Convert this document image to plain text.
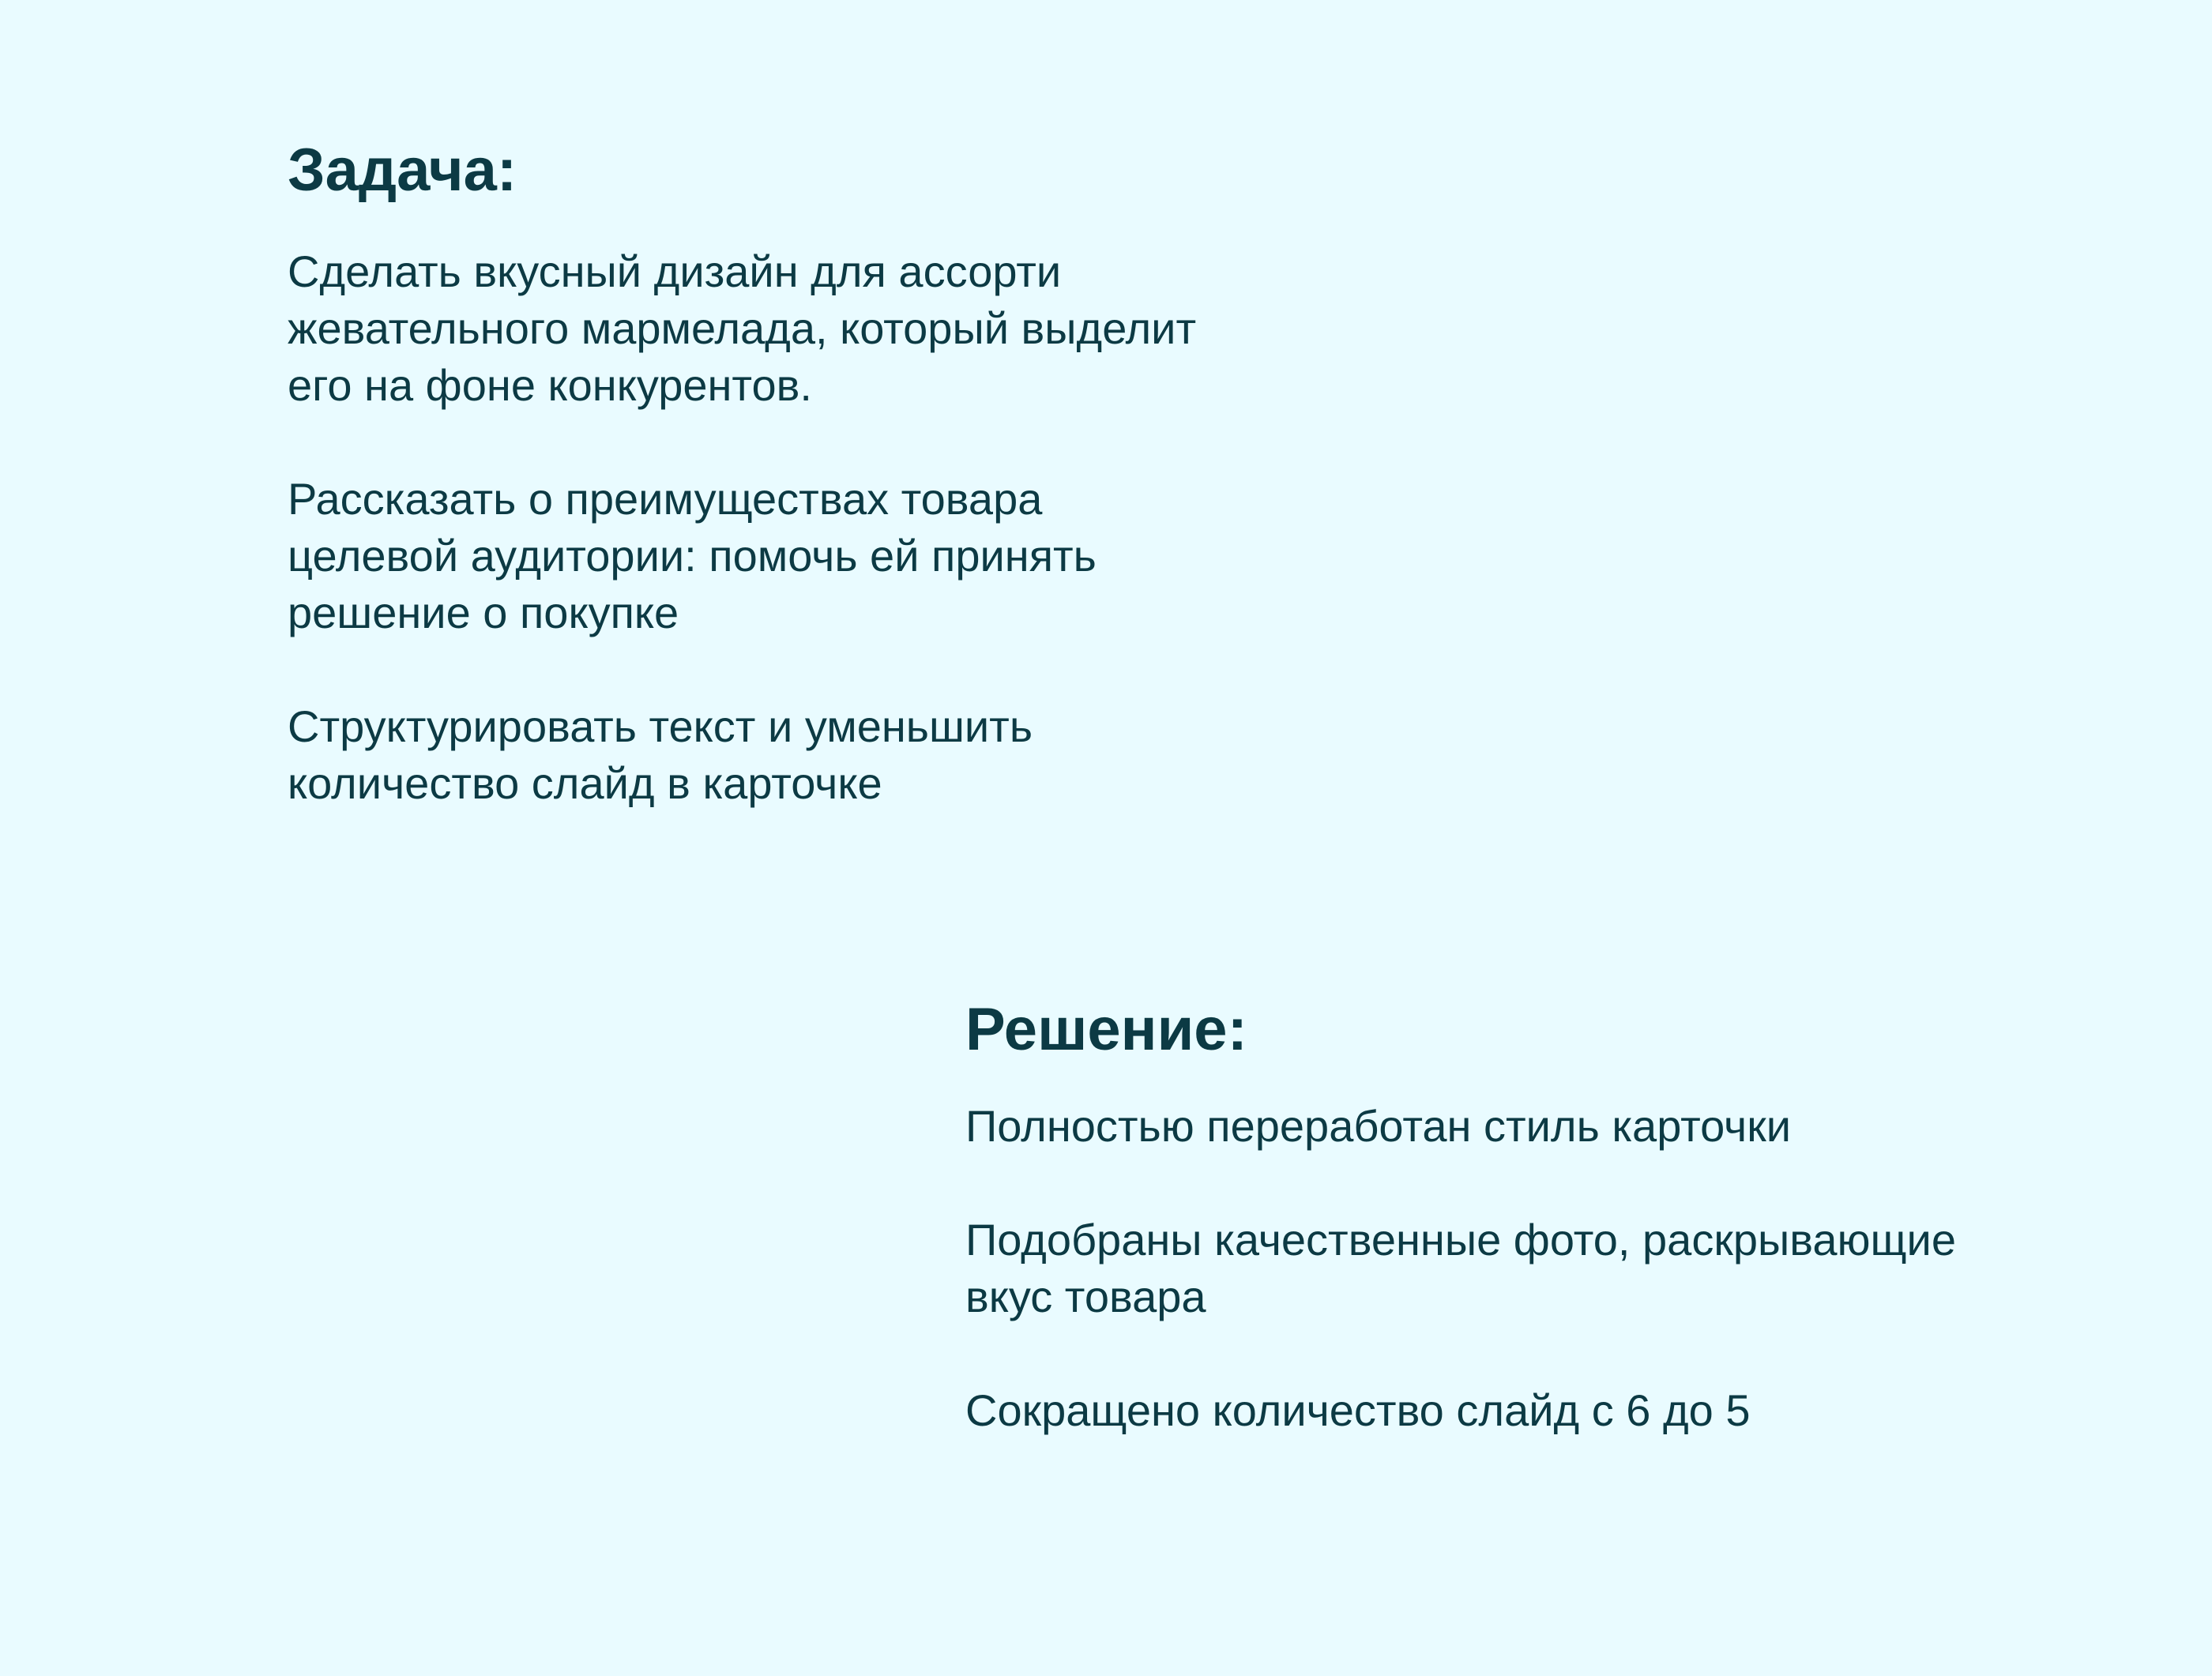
Задача:

Сделать вкусный дизайн для ассорти
жевательного мармелада, который выделит
его на фоне конкурентов.

Рассказать о преимуществах товара
целевой аудитории: помочь ей принять
решение о покупке

Структурировать текст и уменьшить
количество слайд в карточке

Решение:

Полностью переработан стиль карточки

Подобраны качественные фото, раскрывающие
вкус товара

Сокращено количество слайд с 6 до 5
